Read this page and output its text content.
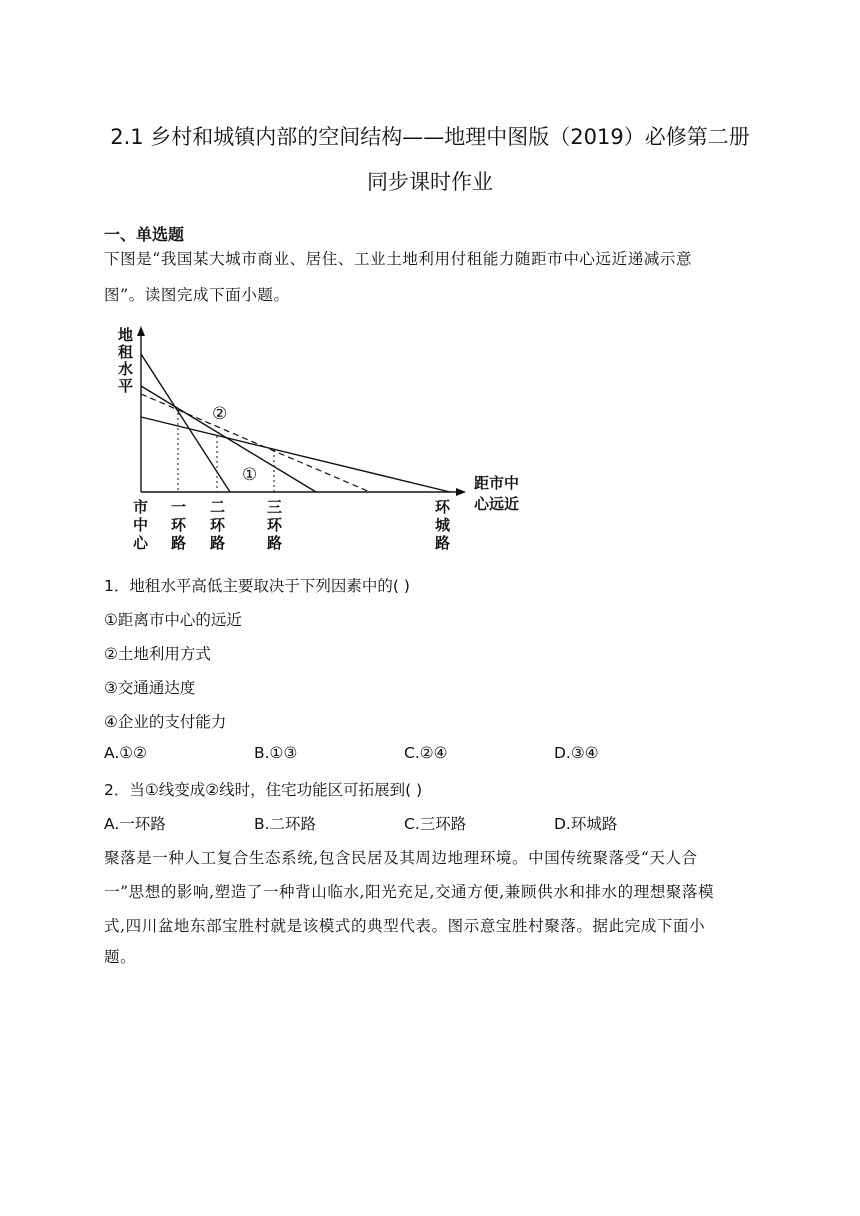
2.1 乡村和城镇内部的空间结构——地理中图版（2019）必修第二册
同步课时作业
一、单选题
下图是“我国某大城市商业、居住、工业土地利用付租能力随距市中心远近递减示意
图”。读图完成下面小题。
②
①
地
租
水
平
距市中
心远近
市
中
心
一
环
路
二
环
路
三
环
路
环
城
路
1．地租水平高低主要取决于下列因素中的( )
①距离市中心的远近
②土地利用方式
③交通通达度
④企业的支付能力
A.①②	B.①③	C.②④	D.③④
2．当①线变成②线时，住宅功能区可拓展到( )
A.一环路	B.二环路	C.三环路	D.环城路
聚落是一种人工复合生态系统,包含民居及其周边地理环境。中国传统聚落受“天人合
一”思想的影响,塑造了一种背山临水,阳光充足,交通方便,兼顾供水和排水的理想聚落模
式,四川盆地东部宝胜村就是该模式的典型代表。图示意宝胜村聚落。据此完成下面小
题。
